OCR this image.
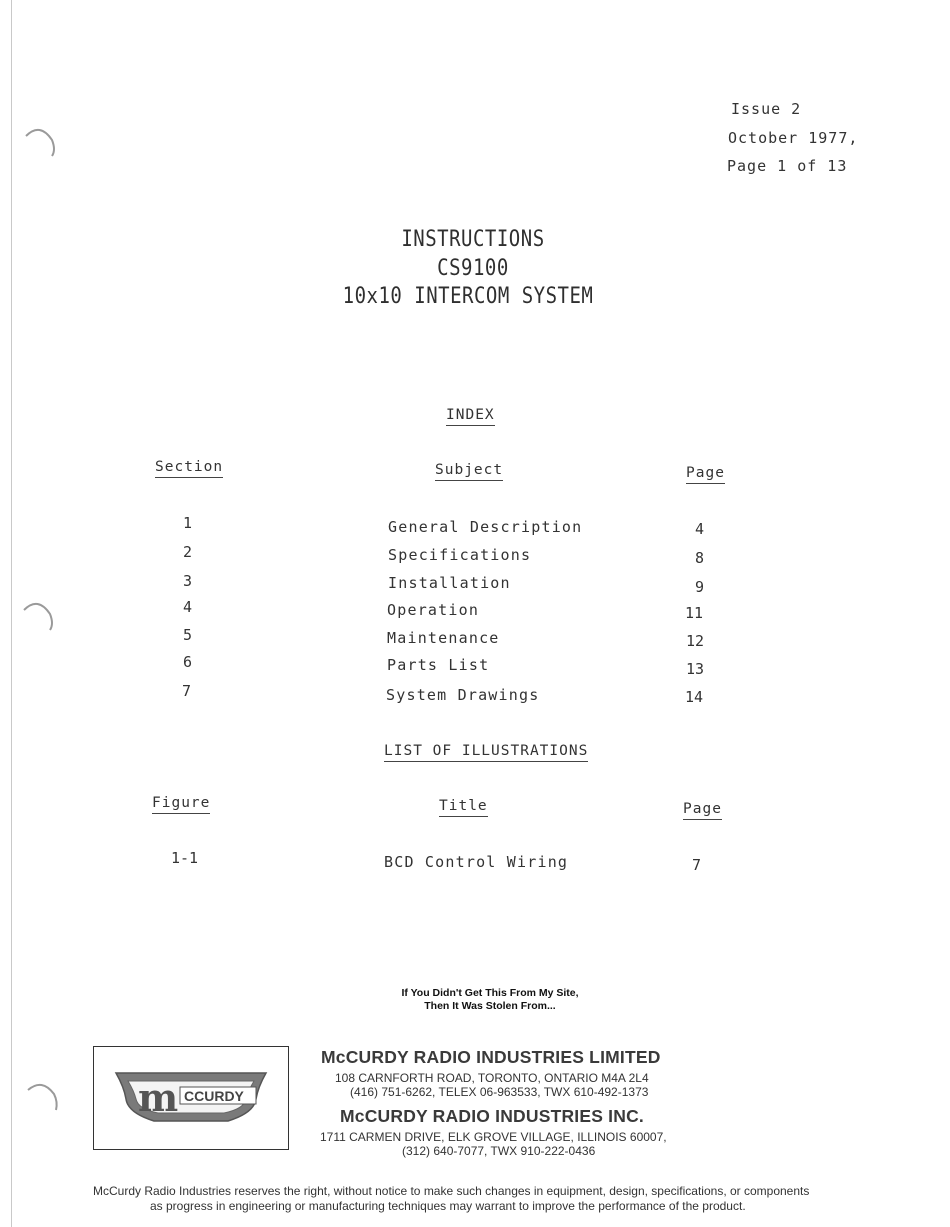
Issue 2
October 1977,
Page 1 of 13
INSTRUCTIONS
CS9100
10x10 INTERCOM SYSTEM
INDEX
Section	Subject	Page
1	General Description	4
2	Specifications	8
3	Installation	9
4	Operation	11
5	Maintenance	12
6	Parts List	13
7	System Drawings	14
LIST OF ILLUSTRATIONS
Figure	Title	Page
1-1	BCD Control Wiring	7
If You Didn't Get This From My Site,
Then It Was Stolen From...
m CCURDY
McCURDY RADIO INDUSTRIES LIMITED
108 CARNFORTH ROAD, TORONTO, ONTARIO M4A 2L4
(416) 751-6262, TELEX 06-963533, TWX 610-492-1373
McCURDY RADIO INDUSTRIES INC.
1711 CARMEN DRIVE, ELK GROVE VILLAGE, ILLINOIS 60007,
(312) 640-7077, TWX 910-222-0436
McCurdy Radio Industries reserves the right, without notice to make such changes in equipment, design, specifications, or components
as progress in engineering or manufacturing techniques may warrant to improve the performance of the product.
